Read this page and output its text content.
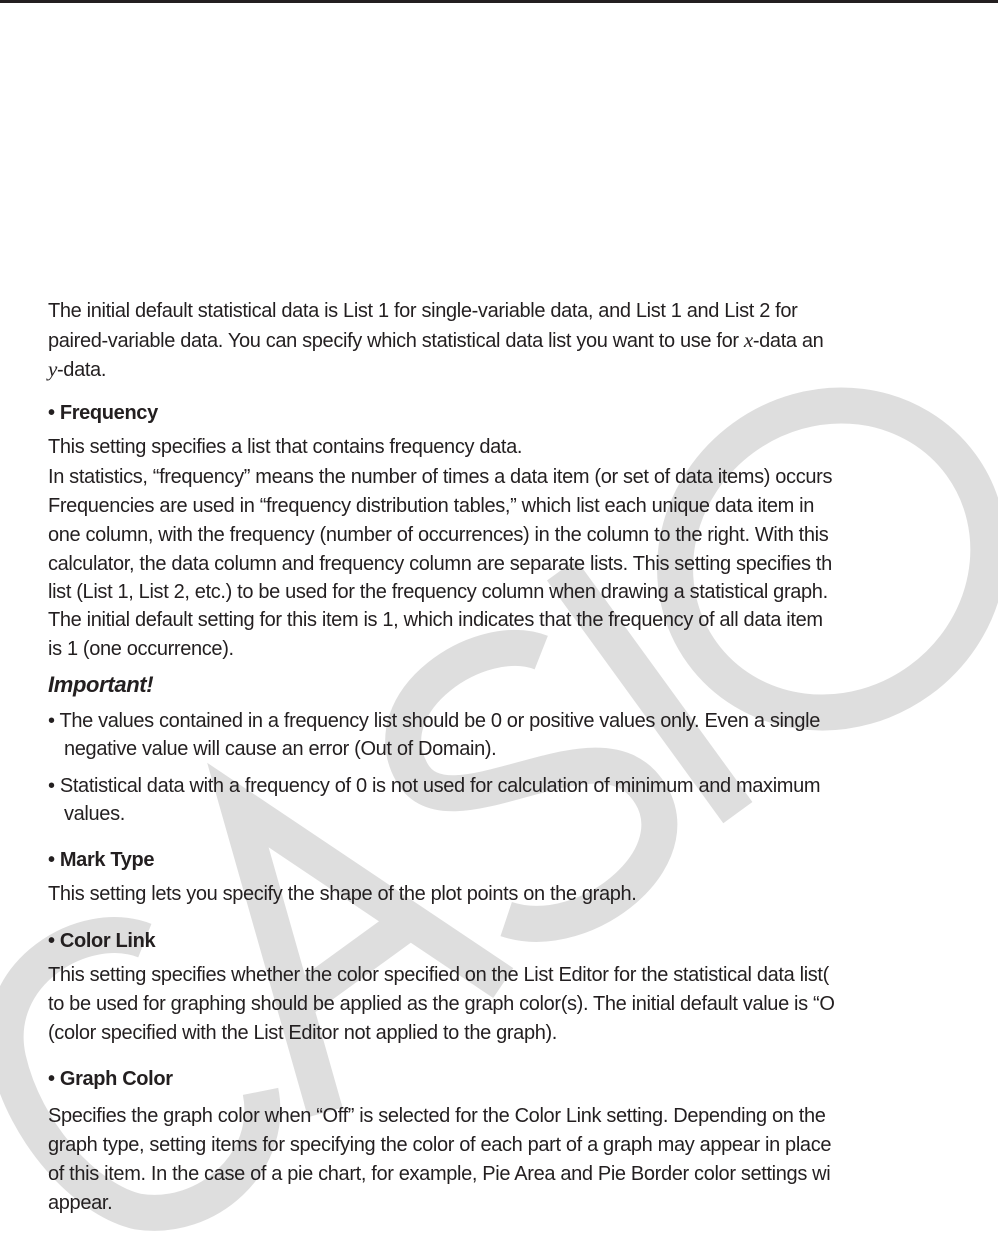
The initial default statistical data is List 1 for single-variable data, and List 1 and List 2 for
paired-variable data. You can specify which statistical data list you want to use for x-data an
y-data.
• Frequency
This setting specifies a list that contains frequency data.
In statistics, “frequency” means the number of times a data item (or set of data items) occurs
Frequencies are used in “frequency distribution tables,” which list each unique data item in
one column, with the frequency (number of occurrences) in the column to the right. With this
calculator, the data column and frequency column are separate lists. This setting specifies th
list (List 1, List 2, etc.) to be used for the frequency column when drawing a statistical graph.
The initial default setting for this item is 1, which indicates that the frequency of all data item
is 1 (one occurrence).
Important!
• The values contained in a frequency list should be 0 or positive values only. Even a single
negative value will cause an error (Out of Domain).
• Statistical data with a frequency of 0 is not used for calculation of minimum and maximum
values.
• Mark Type
This setting lets you specify the shape of the plot points on the graph.
• Color Link
This setting specifies whether the color specified on the List Editor for the statistical data list(
to be used for graphing should be applied as the graph color(s). The initial default value is “O
(color specified with the List Editor not applied to the graph).
• Graph Color
Specifies the graph color when “Off” is selected for the Color Link setting. Depending on the
graph type, setting items for specifying the color of each part of a graph may appear in place
of this item. In the case of a pie chart, for example, Pie Area and Pie Border color settings wi
appear.
